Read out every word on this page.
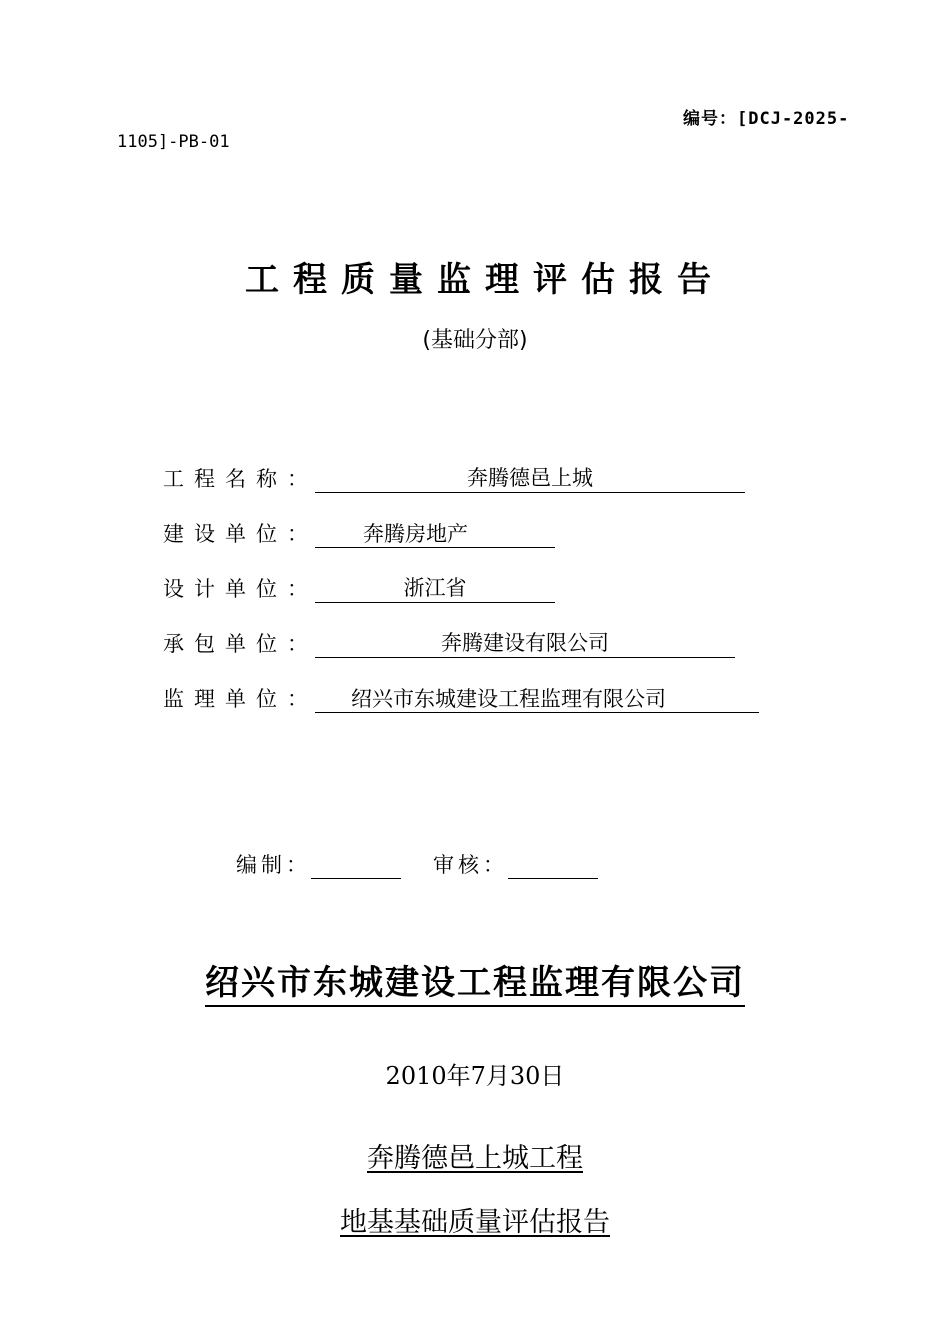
编号：[DCJ-2025-
1105]-PB-01
工程质量监理评估报告
(基础分部)
工程名称：	奔腾德邑上城
建设单位：	奔腾房地产
设计单位：	浙江省
承包单位：	奔腾建设有限公司
监理单位：	绍兴市东城建设工程监理有限公司
编制：	审核：
绍兴市东城建设工程监理有限公司
2010年7月30日
奔腾德邑上城工程
地基基础质量评估报告
